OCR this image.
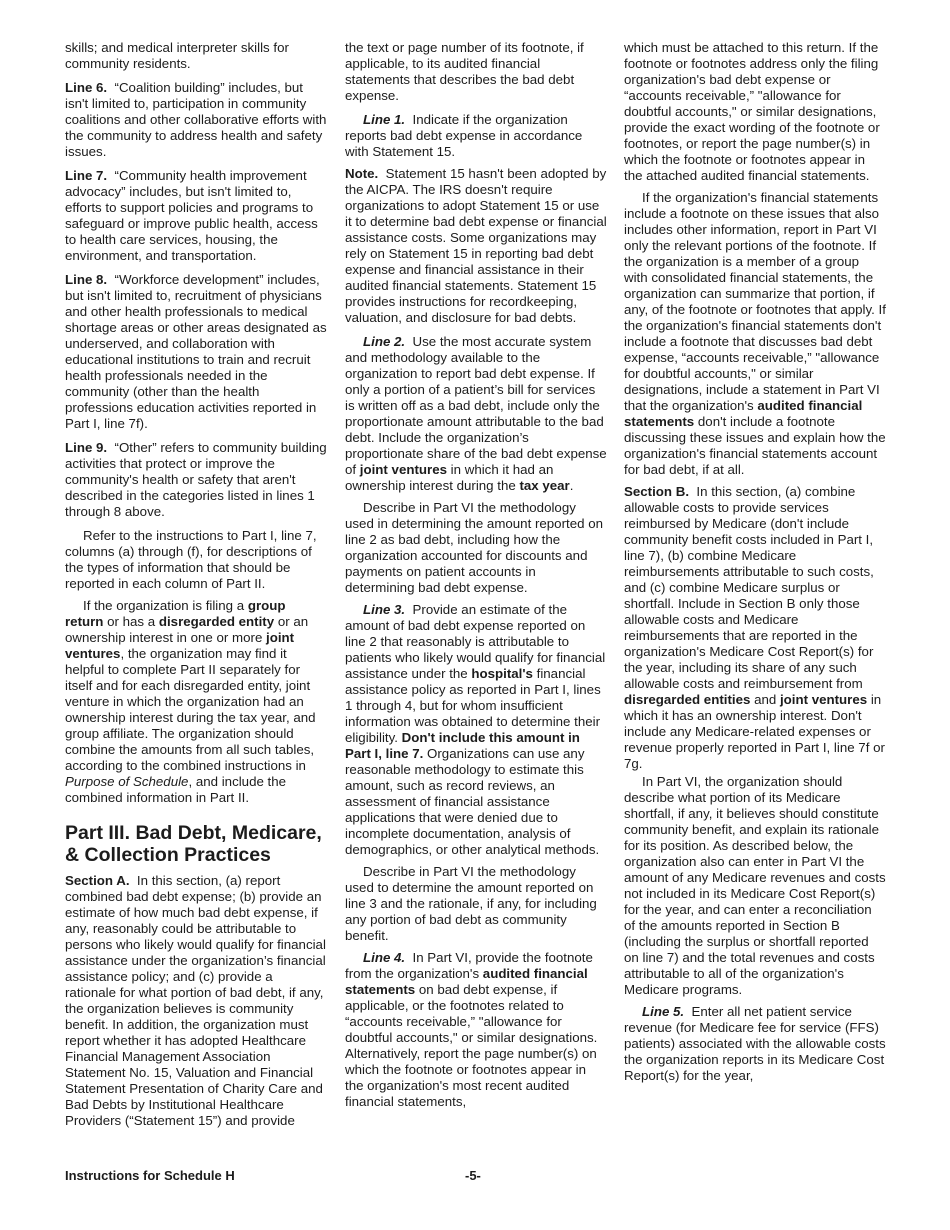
skills; and medical interpreter skills for community residents.

Line 6. “Coalition building” includes, but isn't limited to, participation in community coalitions and other collaborative efforts with the community to address health and safety issues.

Line 7. “Community health improvement advocacy” includes, but isn't limited to, efforts to support policies and programs to safeguard or improve public health, access to health care services, housing, the environment, and transportation.

Line 8. “Workforce development” includes, but isn't limited to, recruitment of physicians and other health professionals to medical shortage areas or other areas designated as underserved, and collaboration with educational institutions to train and recruit health professionals needed in the community (other than the health professions education activities reported in Part I, line 7f).

Line 9. “Other” refers to community building activities that protect or improve the community's health or safety that aren't described in the categories listed in lines 1 through 8 above.

Refer to the instructions to Part I, line 7, columns (a) through (f), for descriptions of the types of information that should be reported in each column of Part II.

If the organization is filing a group return or has a disregarded entity or an ownership interest in one or more joint ventures, the organization may find it helpful to complete Part II separately for itself and for each disregarded entity, joint venture in which the organization had an ownership interest during the tax year, and group affiliate. The organization should combine the amounts from all such tables, according to the combined instructions in Purpose of Schedule, and include the combined information in Part II.

Part III. Bad Debt, Medicare, & Collection Practices

Section A. In this section, (a) report combined bad debt expense; (b) provide an estimate of how much bad debt expense, if any, reasonably could be attributable to persons who likely would qualify for financial assistance under the organization’s financial assistance policy; and (c) provide a rationale for what portion of bad debt, if any, the organization believes is community benefit. In addition, the organization must report whether it has adopted Healthcare Financial Management Association Statement No. 15, Valuation and Financial Statement Presentation of Charity Care and Bad Debts by Institutional Healthcare Providers (“Statement 15”) and provide

the text or page number of its footnote, if applicable, to its audited financial statements that describes the bad debt expense.

Line 1. Indicate if the organization reports bad debt expense in accordance with Statement 15.

Note. Statement 15 hasn't been adopted by the AICPA. The IRS doesn't require organizations to adopt Statement 15 or use it to determine bad debt expense or financial assistance costs. Some organizations may rely on Statement 15 in reporting bad debt expense and financial assistance in their audited financial statements. Statement 15 provides instructions for recordkeeping, valuation, and disclosure for bad debts.

Line 2. Use the most accurate system and methodology available to the organization to report bad debt expense. If only a portion of a patient’s bill for services is written off as a bad debt, include only the proportionate amount attributable to the bad debt. Include the organization’s proportionate share of the bad debt expense of joint ventures in which it had an ownership interest during the tax year.

Describe in Part VI the methodology used in determining the amount reported on line 2 as bad debt, including how the organization accounted for discounts and payments on patient accounts in determining bad debt expense.

Line 3. Provide an estimate of the amount of bad debt expense reported on line 2 that reasonably is attributable to patients who likely would qualify for financial assistance under the hospital's financial assistance policy as reported in Part I, lines 1 through 4, but for whom insufficient information was obtained to determine their eligibility. Don't include this amount in Part I, line 7. Organizations can use any reasonable methodology to estimate this amount, such as record reviews, an assessment of financial assistance applications that were denied due to incomplete documentation, analysis of demographics, or other analytical methods.

Describe in Part VI the methodology used to determine the amount reported on line 3 and the rationale, if any, for including any portion of bad debt as community benefit.

Line 4. In Part VI, provide the footnote from the organization's audited financial statements on bad debt expense, if applicable, or the footnotes related to “accounts receivable,” "allowance for doubtful accounts," or similar designations. Alternatively, report the page number(s) on which the footnote or footnotes appear in the organization's most recent audited financial statements,

which must be attached to this return. If the footnote or footnotes address only the filing organization's bad debt expense or “accounts receivable,” "allowance for doubtful accounts," or similar designations, provide the exact wording of the footnote or footnotes, or report the page number(s) in which the footnote or footnotes appear in the attached audited financial statements.

If the organization's financial statements include a footnote on these issues that also includes other information, report in Part VI only the relevant portions of the footnote. If the organization is a member of a group with consolidated financial statements, the organization can summarize that portion, if any, of the footnote or footnotes that apply. If the organization's financial statements don't include a footnote that discusses bad debt expense, “accounts receivable,” "allowance for doubtful accounts," or similar designations, include a statement in Part VI that the organization's audited financial statements don't include a footnote discussing these issues and explain how the organization's financial statements account for bad debt, if at all.

Section B. In this section, (a) combine allowable costs to provide services reimbursed by Medicare (don't include community benefit costs included in Part I, line 7), (b) combine Medicare reimbursements attributable to such costs, and (c) combine Medicare surplus or shortfall. Include in Section B only those allowable costs and Medicare reimbursements that are reported in the organization's Medicare Cost Report(s) for the year, including its share of any such allowable costs and reimbursement from disregarded entities and joint ventures in which it has an ownership interest. Don't include any Medicare-related expenses or revenue properly reported in Part I, line 7f or 7g.

In Part VI, the organization should describe what portion of its Medicare shortfall, if any, it believes should constitute community benefit, and explain its rationale for its position. As described below, the organization also can enter in Part VI the amount of any Medicare revenues and costs not included in its Medicare Cost Report(s) for the year, and can enter a reconciliation of the amounts reported in Section B (including the surplus or shortfall reported on line 7) and the total revenues and costs attributable to all of the organization's Medicare programs.

Line 5. Enter all net patient service revenue (for Medicare fee for service (FFS) patients) associated with the allowable costs the organization reports in its Medicare Cost Report(s) for the year,

Instructions for Schedule H	-5-
